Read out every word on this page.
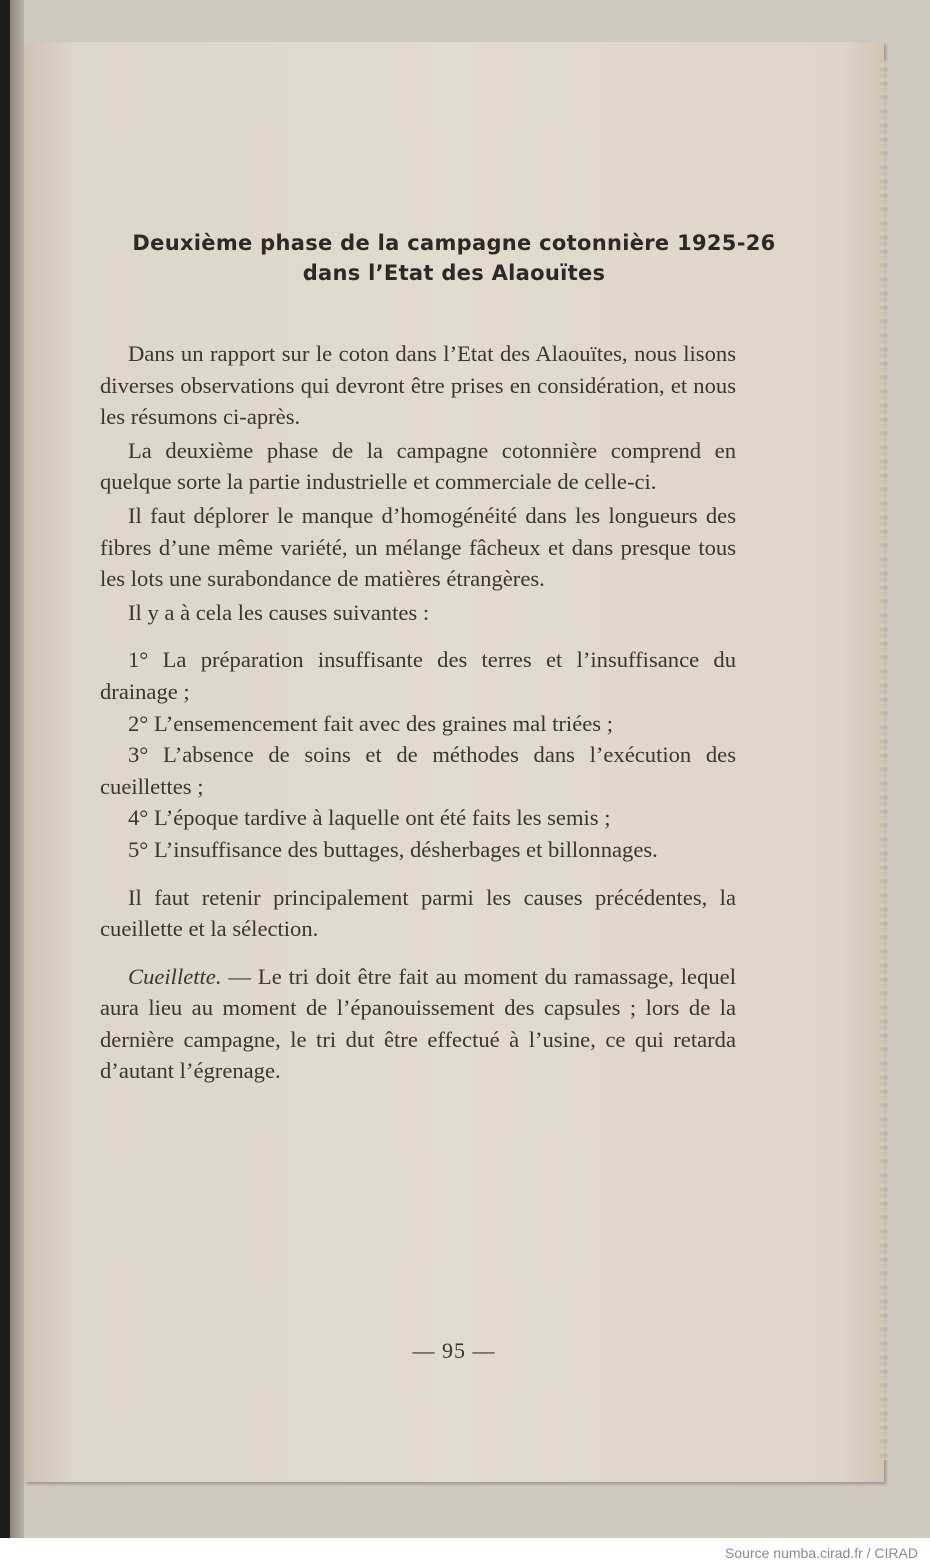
Deuxième phase de la campagne cotonnière 1925-26
dans l’Etat des Alaouïtes

Dans un rapport sur le coton dans l’Etat des Alaouïtes, nous lisons diverses observations qui devront être prises en considération, et nous les résumons ci-après.

La deuxième phase de la campagne cotonnière comprend en quelque sorte la partie industrielle et commerciale de celle-ci.

Il faut déplorer le manque d’homogénéité dans les longueurs des fibres d’une même variété, un mélange fâcheux et dans presque tous les lots une surabondance de matières étrangères.

Il y a à cela les causes suivantes :

1° La préparation insuffisante des terres et l’insuffisance du drainage ;

2° L’ensemencement fait avec des graines mal triées ;

3° L’absence de soins et de méthodes dans l’exécution des cueillettes ;

4° L’époque tardive à laquelle ont été faits les semis ;

5° L’insuffisance des buttages, désherbages et billonnages.

Il faut retenir principalement parmi les causes précédentes, la cueillette et la sélection.

Cueillette. — Le tri doit être fait au moment du ramassage, lequel aura lieu au moment de l’épanouissement des capsules ; lors de la dernière campagne, le tri dut être effectué à l’usine, ce qui retarda d’autant l’égrenage.

— 95 —
Source numba.cirad.fr / CIRAD
